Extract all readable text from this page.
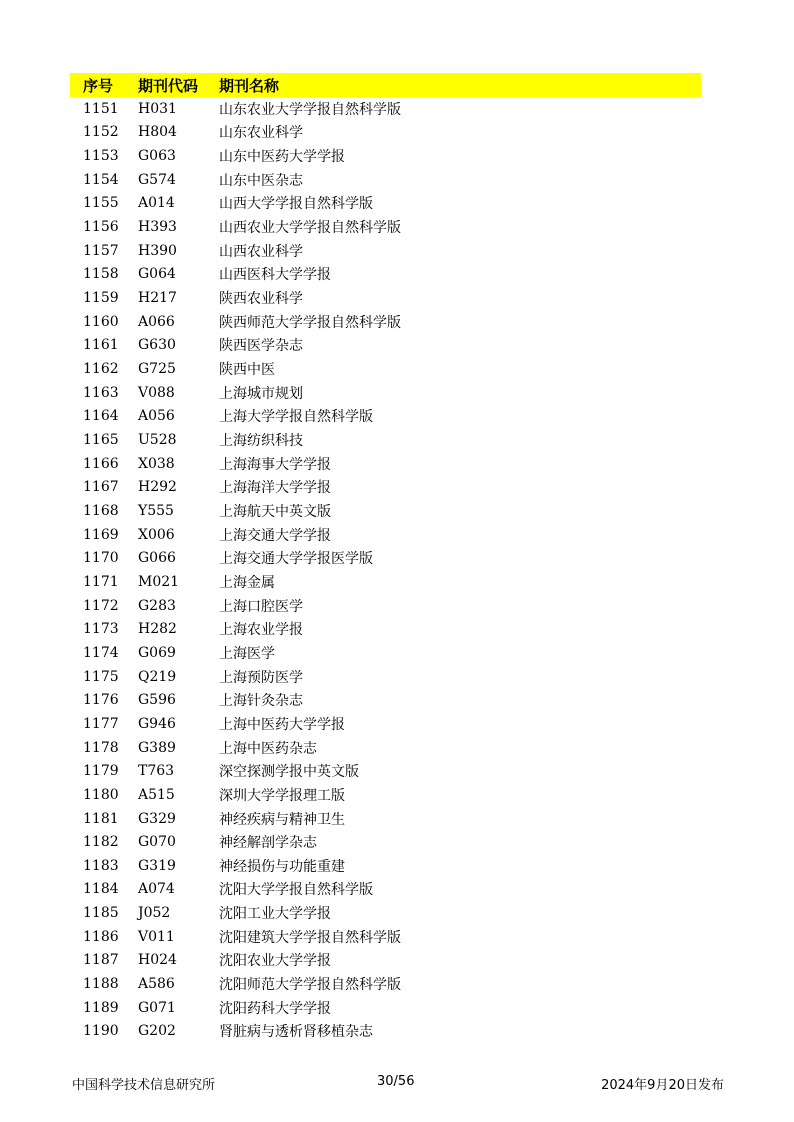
序号	期刊代码	期刊名称
1151	H031	山东农业大学学报自然科学版
1152	H804	山东农业科学
1153	G063	山东中医药大学学报
1154	G574	山东中医杂志
1155	A014	山西大学学报自然科学版
1156	H393	山西农业大学学报自然科学版
1157	H390	山西农业科学
1158	G064	山西医科大学学报
1159	H217	陕西农业科学
1160	A066	陕西师范大学学报自然科学版
1161	G630	陕西医学杂志
1162	G725	陕西中医
1163	V088	上海城市规划
1164	A056	上海大学学报自然科学版
1165	U528	上海纺织科技
1166	X038	上海海事大学学报
1167	H292	上海海洋大学学报
1168	Y555	上海航天中英文版
1169	X006	上海交通大学学报
1170	G066	上海交通大学学报医学版
1171	M021	上海金属
1172	G283	上海口腔医学
1173	H282	上海农业学报
1174	G069	上海医学
1175	Q219	上海预防医学
1176	G596	上海针灸杂志
1177	G946	上海中医药大学学报
1178	G389	上海中医药杂志
1179	T763	深空探测学报中英文版
1180	A515	深圳大学学报理工版
1181	G329	神经疾病与精神卫生
1182	G070	神经解剖学杂志
1183	G319	神经损伤与功能重建
1184	A074	沈阳大学学报自然科学版
1185	J052	沈阳工业大学学报
1186	V011	沈阳建筑大学学报自然科学版
1187	H024	沈阳农业大学学报
1188	A586	沈阳师范大学学报自然科学版
1189	G071	沈阳药科大学学报
1190	G202	肾脏病与透析肾移植杂志
中国科学技术信息研究所	30/56	2024年9月20日发布
